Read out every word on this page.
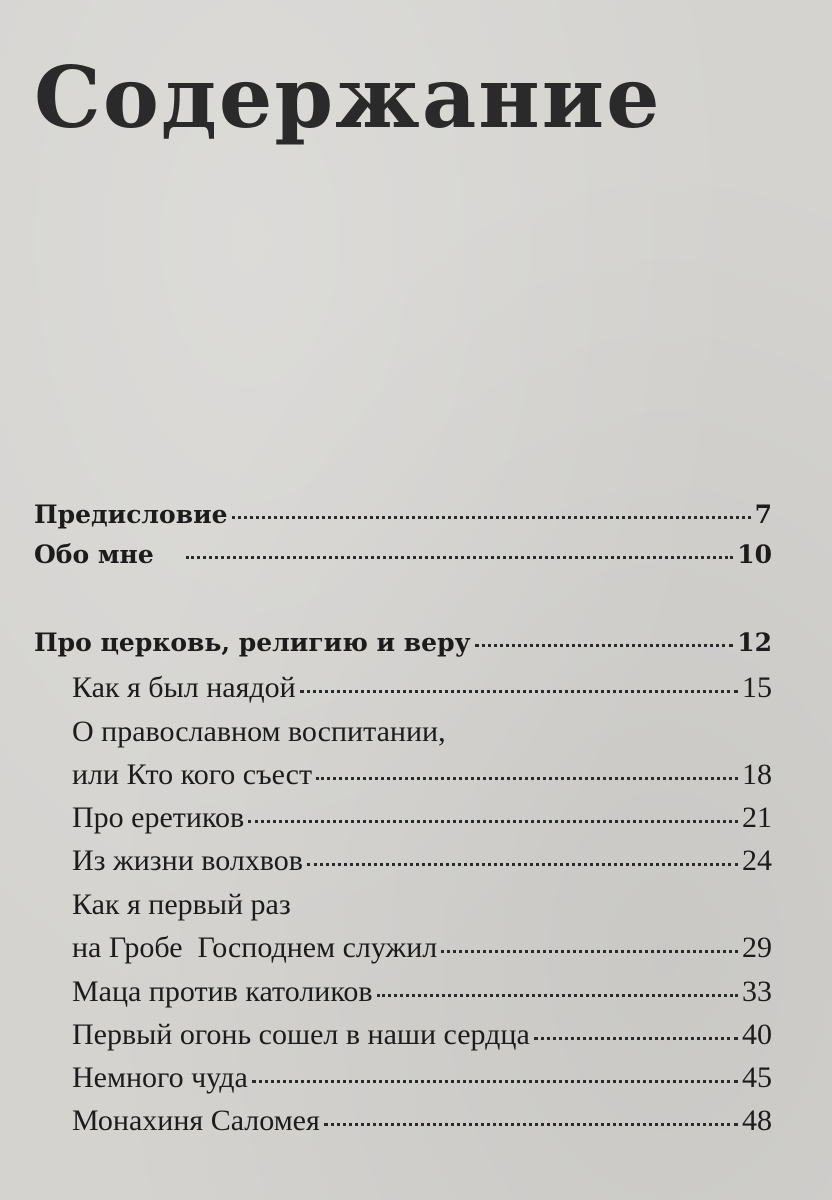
Содержание
Предисловие	7
Обо мне	10
Про церковь, религию и веру	12
Как я был наядой	15
О православном воспитании,
или Кто кого съест	18
Про еретиков	21
Из жизни волхвов	24
Как я первый раз
на Гробе  Господнем служил	29
Маца против католиков	33
Первый огонь сошел в наши сердца	40
Немного чуда	45
Монахиня Саломея	48
